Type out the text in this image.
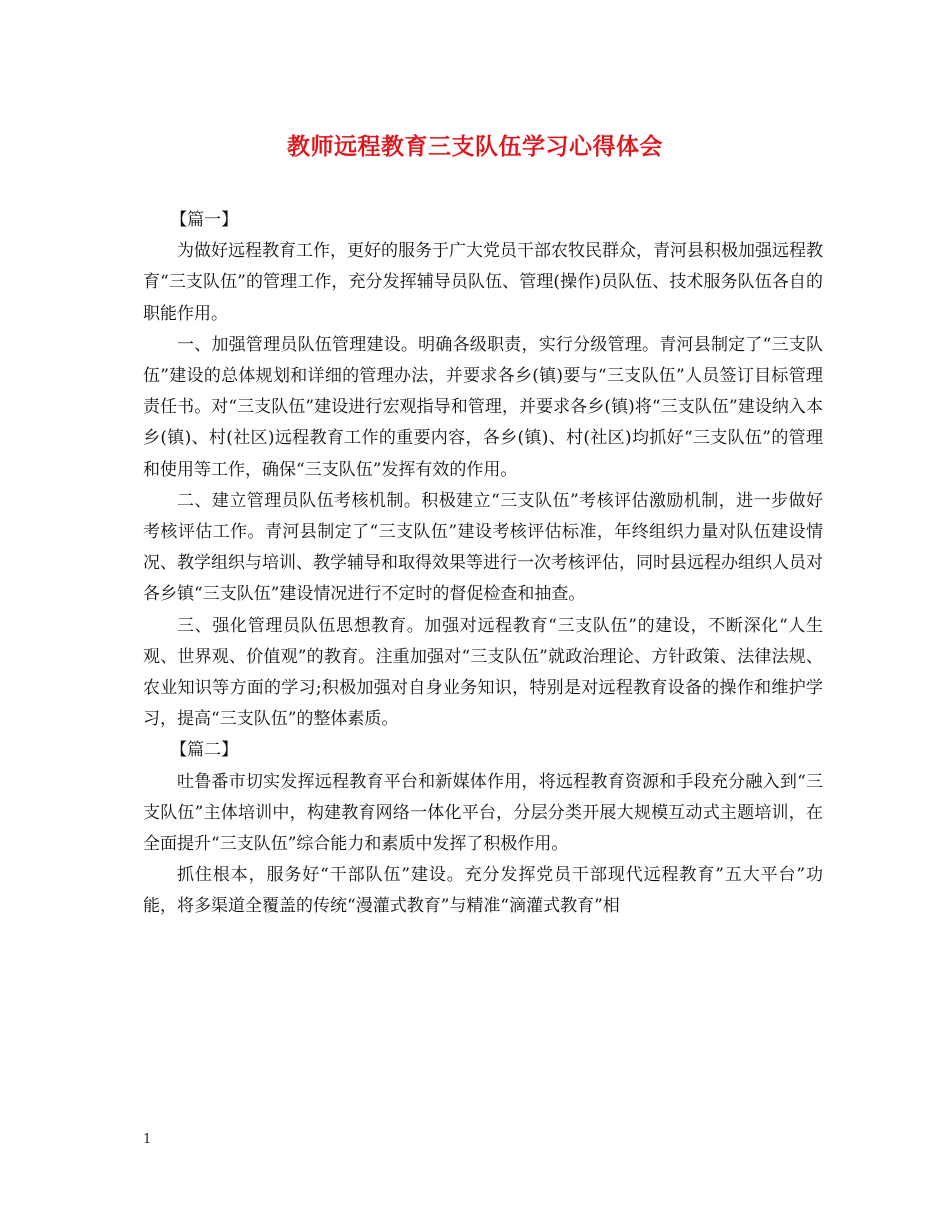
教师远程教育三支队伍学习心得体会

【篇一】

为做好远程教育工作，更好的服务于广大党员干部农牧民群众，青河县积极加强远程教育“三支队伍”的管理工作，充分发挥辅导员队伍、管理(操作)员队伍、技术服务队伍各自的职能作用。

一、加强管理员队伍管理建设。明确各级职责，实行分级管理。青河县制定了“三支队伍”建设的总体规划和详细的管理办法，并要求各乡(镇)要与“三支队伍”人员签订目标管理责任书。对“三支队伍”建设进行宏观指导和管理，并要求各乡(镇)将“三支队伍”建设纳入本乡(镇)、村(社区)远程教育工作的重要内容，各乡(镇)、村(社区)均抓好“三支队伍”的管理和使用等工作，确保“三支队伍”发挥有效的作用。

二、建立管理员队伍考核机制。积极建立“三支队伍”考核评估激励机制，进一步做好考核评估工作。青河县制定了“三支队伍”建设考核评估标准，年终组织力量对队伍建设情况、教学组织与培训、教学辅导和取得效果等进行一次考核评估，同时县远程办组织人员对各乡镇“三支队伍”建设情况进行不定时的督促检查和抽查。

三、强化管理员队伍思想教育。加强对远程教育“三支队伍”的建设，不断深化“人生观、世界观、价值观”的教育。注重加强对“三支队伍”就政治理论、方针政策、法律法规、农业知识等方面的学习;积极加强对自身业务知识，特别是对远程教育设备的操作和维护学习，提高“三支队伍”的整体素质。

【篇二】

吐鲁番市切实发挥远程教育平台和新媒体作用，将远程教育资源和手段充分融入到“三支队伍”主体培训中，构建教育网络一体化平台，分层分类开展大规模互动式主题培训，在全面提升“三支队伍”综合能力和素质中发挥了积极作用。

抓住根本，服务好“干部队伍”建设。充分发挥党员干部现代远程教育”五大平台”功能，将多渠道全覆盖的传统“漫灌式教育”与精准“滴灌式教育”相

1
